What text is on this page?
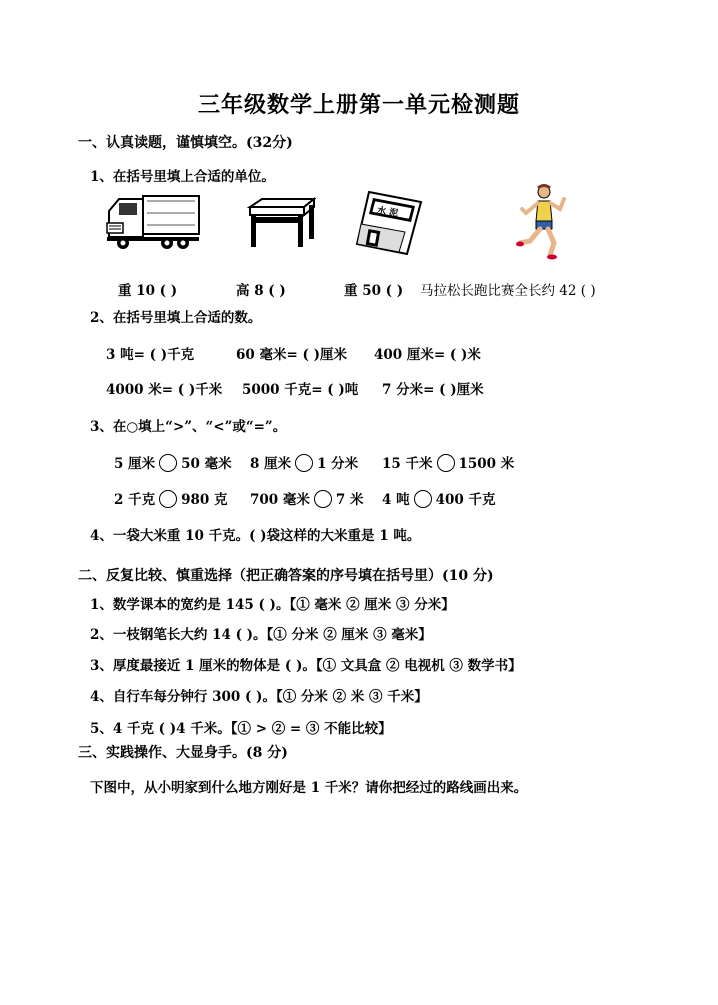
三年级数学上册第一单元检测题
一、认真读题，谨慎填空。(32分)
1、在括号里填上合适的单位。
水 泥
重 10 ( )	高 8 ( )	重 50 ( ) 马拉松长跑比赛全长约 42 ( )
2、在括号里填上合适的数。
3 吨= ( )千克	60 毫米= ( )厘米 400 厘米= ( )米
4000 米= ( )千米 5000 千克= ( )吨 7 分米= ( )厘米
3、在○填上“>”、“<”或“=”。
5 厘米 50 毫米 8 厘米 1 分米 15 千米 1500 米
2 千克 980 克 700 毫米 7 米 4 吨 400 千克
4、一袋大米重 10 千克。( )袋这样的大米重是 1 吨。
二、反复比较、慎重选择（把正确答案的序号填在括号里）(10 分)
1、数学课本的宽约是 145 ( )。【① 毫米 ② 厘米 ③ 分米】
2、一枝钢笔长大约 14 ( )。【① 分米 ② 厘米 ③ 毫米】
3、厚度最接近 1 厘米的物体是 ( )。【① 文具盒 ② 电视机 ③ 数学书】
4、自行车每分钟行 300 ( )。【① 分米 ② 米 ③ 千米】
5、4 千克 ( )4 千米。【① > ② = ③ 不能比较】
三、实践操作、大显身手。(8 分)
下图中，从小明家到什么地方刚好是 1 千米？请你把经过的路线画出来。
